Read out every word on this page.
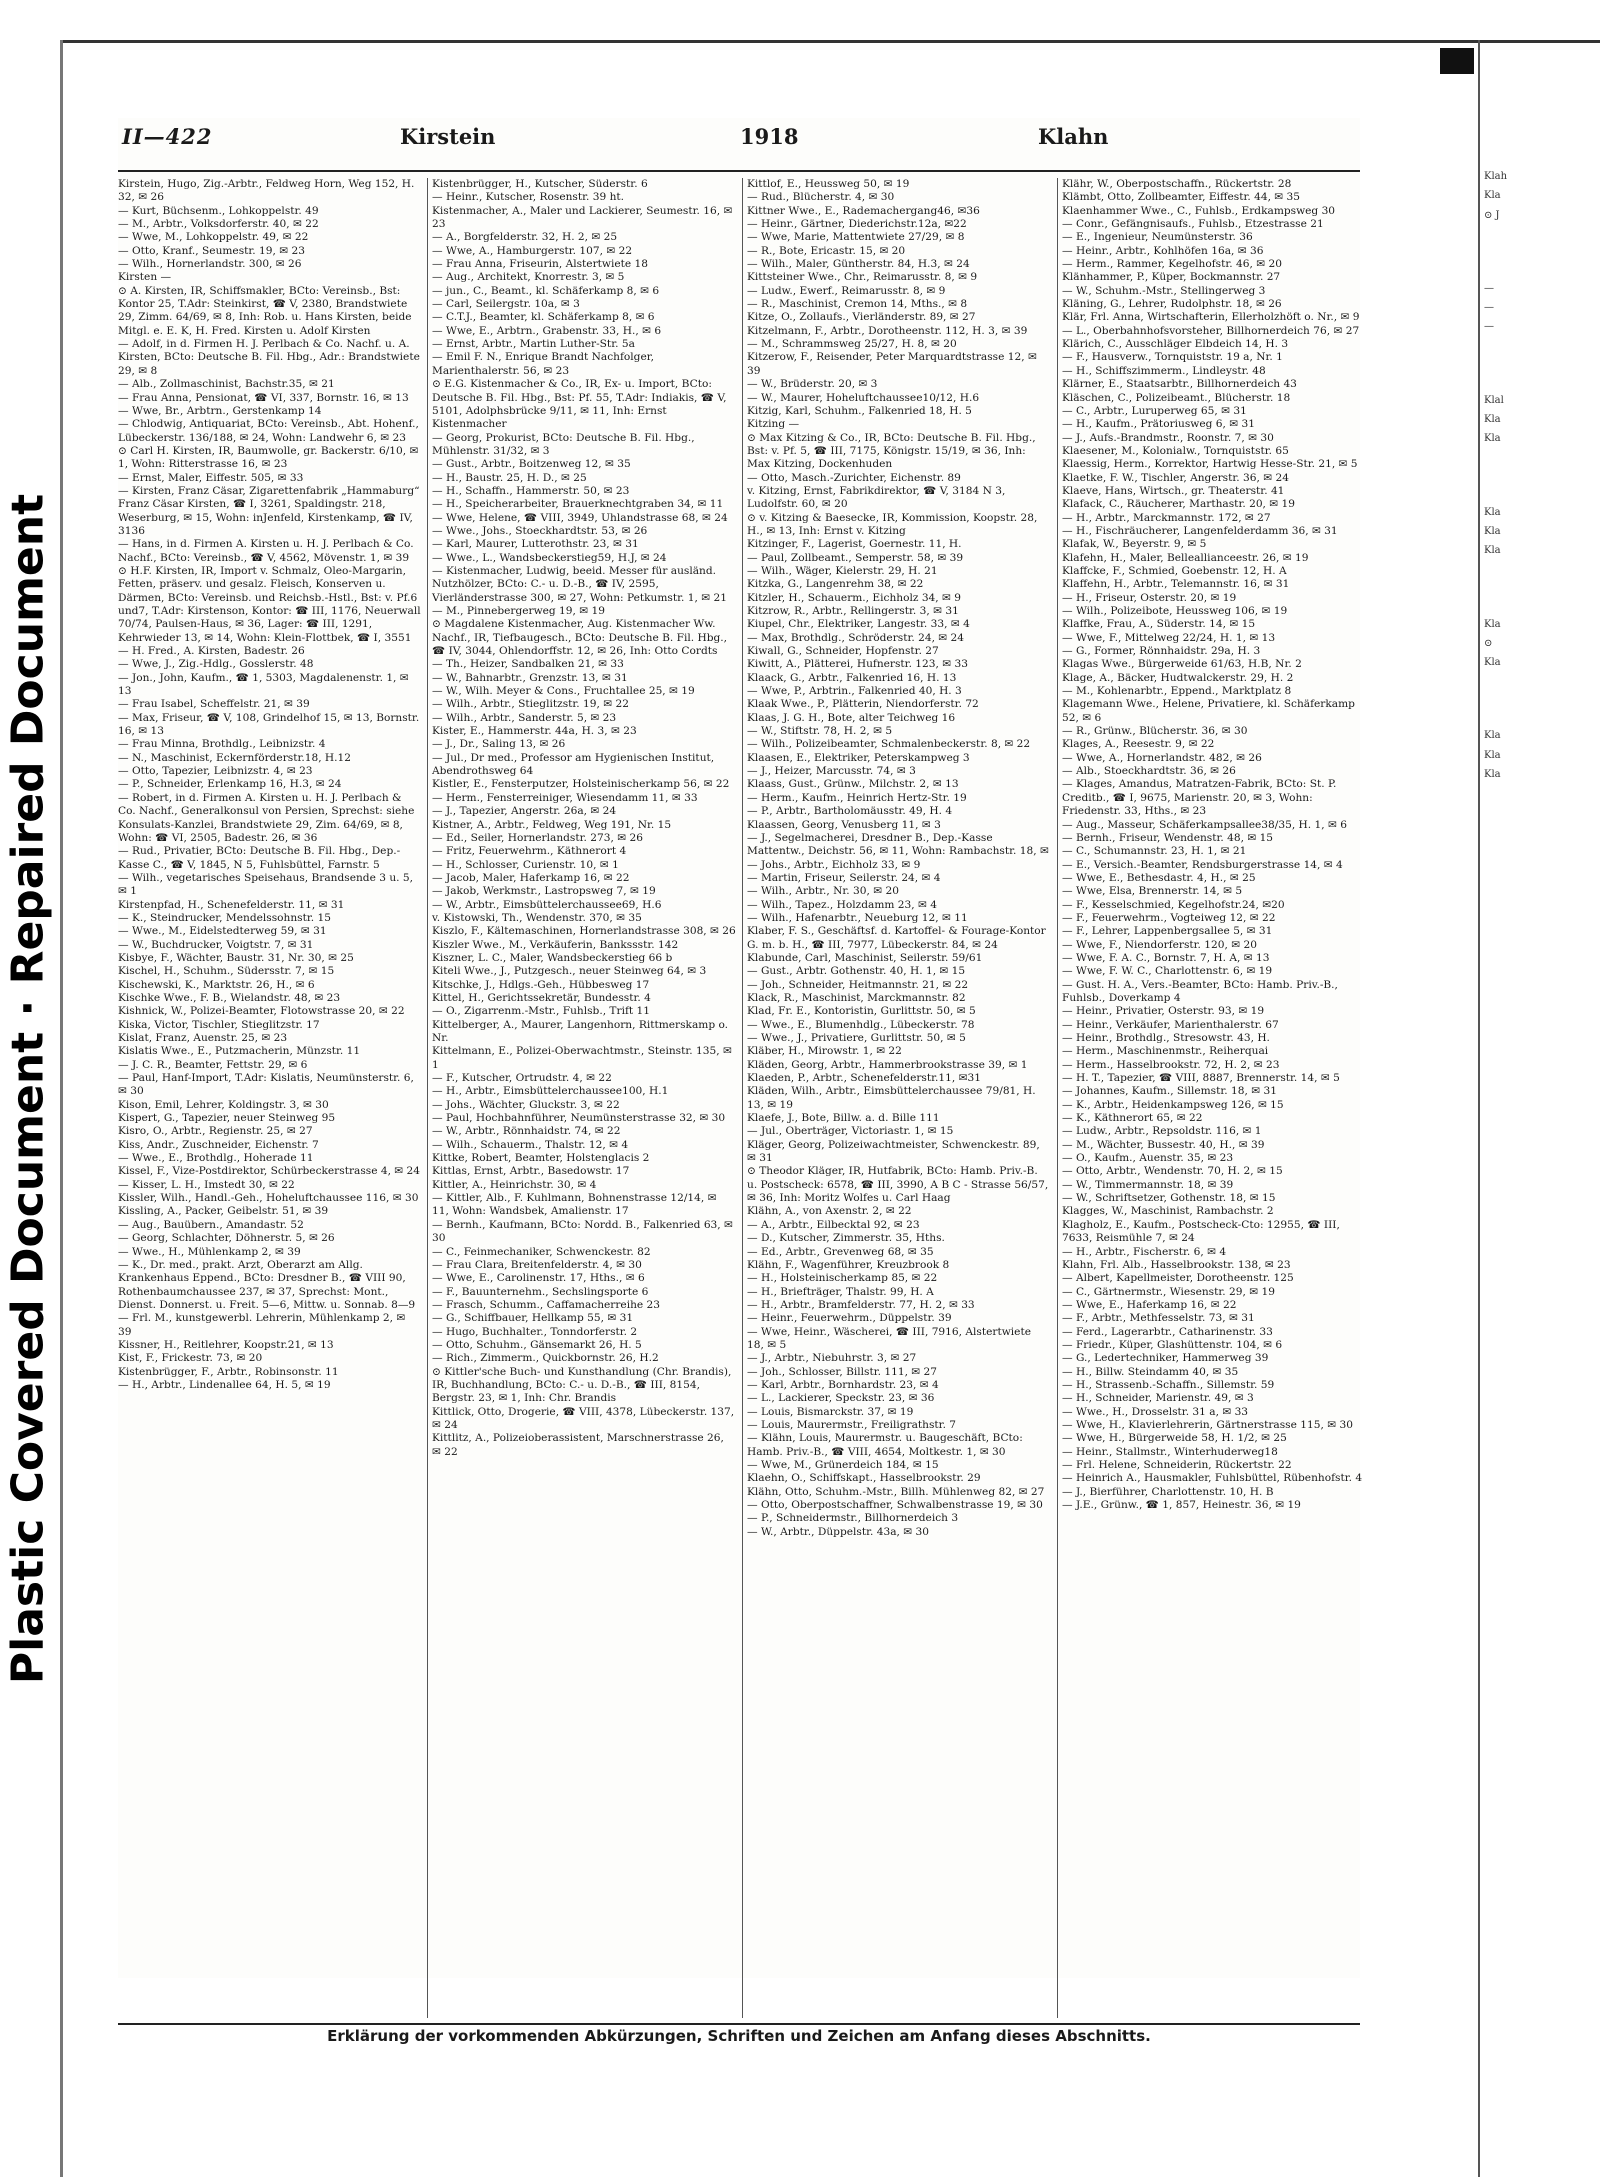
Plastic Covered Document · Repaired Document
II—422	Kirstein	1918	Klahn
Kirstein, Hugo, Zig.-Arbtr., Feldweg Horn, Weg 152, H. 32, ✉ 26
— Kurt, Büchsenm., Lohkoppelstr. 49
— M., Arbtr., Volksdorferstr. 40, ✉ 22
— Wwe, M., Lohkoppelstr. 49, ✉ 22
— Otto, Kranf., Seumestr. 19, ✉ 23
— Wilh., Hornerlandstr. 300, ✉ 26
Kirsten —
⊙ A. Kirsten, IR, Schiffsmakler, BCto: Vereinsb., Bst: Kontor 25, T.Adr: Steinkirst, ☎ V, 2380, Brandstwiete 29, Zimm. 64/69, ✉ 8, Inh: Rob. u. Hans Kirsten, beide Mitgl. e. E. K, H. Fred. Kirsten u. Adolf Kirsten
— Adolf, in d. Firmen H. J. Perlbach & Co. Nachf. u. A. Kirsten, BCto: Deutsche B. Fil. Hbg., Adr.: Brandstwiete 29, ✉ 8
— Alb., Zollmaschinist, Bachstr.35, ✉ 21
— Frau Anna, Pensionat, ☎ VI, 337, Bornstr. 16, ✉ 13
— Wwe, Br., Arbtrn., Gerstenkamp 14
— Chlodwig, Antiquariat, BCto: Vereinsb., Abt. Hohenf., Lübeckerstr. 136/188, ✉ 24, Wohn: Landwehr 6, ✉ 23
⊙ Carl H. Kirsten, IR, Baumwolle, gr. Backerstr. 6/10, ✉ 1, Wohn: Ritterstrasse 16, ✉ 23
— Ernst, Maler, Eiffestr. 505, ✉ 33
— Kirsten, Franz Cäsar, Zigarettenfabrik „Hammaburg“ Franz Cäsar Kirsten, ☎ I, 3261, Spaldingstr. 218, Weserburg, ✉ 15, Wohn: inJenfeld, Kirstenkamp, ☎ IV, 3136
— Hans, in d. Firmen A. Kirsten u. H. J. Perlbach & Co. Nachf., BCto: Vereinsb., ☎ V, 4562, Mövenstr. 1, ✉ 39
⊙ H.F. Kirsten, IR, Import v. Schmalz, Oleo-Margarin, Fetten, präserv. und gesalz. Fleisch, Konserven u. Därmen, BCto: Vereinsb. und Reichsb.-Hstl., Bst: v. Pf.6 und7, T.Adr: Kirstenson, Kontor: ☎ III, 1176, Neuerwall 70/74, Paulsen-Haus, ✉ 36, Lager: ☎ III, 1291, Kehrwieder 13, ✉ 14, Wohn: Klein-Flottbek, ☎ I, 3551
— H. Fred., A. Kirsten, Badestr. 26
— Wwe, J., Zig.-Hdlg., Gosslerstr. 48
— Jon., John, Kaufm., ☎ 1, 5303, Magdalenenstr. 1, ✉ 13
— Frau Isabel, Scheffelstr. 21, ✉ 39
— Max, Friseur, ☎ V, 108, Grindelhof 15, ✉ 13, Bornstr. 16, ✉ 13
— Frau Minna, Brothdlg., Leibnizstr. 4
— N., Maschinist, Eckernförderstr.18, H.12
— Otto, Tapezier, Leibnizstr. 4, ✉ 23
— P., Schneider, Erlenkamp 16, H.3, ✉ 24
— Robert, in d. Firmen A. Kirsten u. H. J. Perlbach & Co. Nachf., Generalkonsul von Persien, Sprechst: siehe Konsulats-Kanzlei, Brandstwiete 29, Zim. 64/69, ✉ 8, Wohn: ☎ VI, 2505, Badestr. 26, ✉ 36
— Rud., Privatier, BCto: Deutsche B. Fil. Hbg., Dep.-Kasse C., ☎ V, 1845, N 5, Fuhlsbüttel, Farnstr. 5
— Wilh., vegetarisches Speisehaus, Brandsende 3 u. 5, ✉ 1
Kirstenpfad, H., Schenefelderstr. 11, ✉ 31
— K., Steindrucker, Mendelssohnstr. 15
— Wwe., M., Eidelstedterweg 59, ✉ 31
— W., Buchdrucker, Voigtstr. 7, ✉ 31
Kisbye, F., Wächter, Baustr. 31, Nr. 30, ✉ 25
Kischel, H., Schuhm., Südersstr. 7, ✉ 15
Kischewski, K., Marktstr. 26, H., ✉ 6
Kischke Wwe., F. B., Wielandstr. 48, ✉ 23
Kishnick, W., Polizei-Beamter, Flotowstrasse 20, ✉ 22
Kiska, Victor, Tischler, Stieglitzstr. 17
Kislat, Franz, Auenstr. 25, ✉ 23
Kislatis Wwe., E., Putzmacherin, Münzstr. 11
— J. C. R., Beamter, Fettstr. 29, ✉ 6
— Paul, Hanf-Import, T.Adr: Kislatis, Neumünsterstr. 6, ✉ 30
Kison, Emil, Lehrer, Koldingstr. 3, ✉ 30
Kispert, G., Tapezier, neuer Steinweg 95
Kisro, O., Arbtr., Regienstr. 25, ✉ 27
Kiss, Andr., Zuschneider, Eichenstr. 7
— Wwe., E., Brothdlg., Hoherade 11
Kissel, F., Vize-Postdirektor, Schürbeckerstrasse 4, ✉ 24
— Kisser, L. H., Imstedt 30, ✉ 22
Kissler, Wilh., Handl.-Geh., Hoheluftchaussee 116, ✉ 30
Kissling, A., Packer, Geibelstr. 51, ✉ 39
— Aug., Bauübern., Amandastr. 52
— Georg, Schlachter, Döhnerstr. 5, ✉ 26
— Wwe., H., Mühlenkamp 2, ✉ 39
— K., Dr. med., prakt. Arzt, Oberarzt am Allg. Krankenhaus Eppend., BCto: Dresdner B., ☎ VIII 90, Rothenbaumchaussee 237, ✉ 37, Sprechst: Mont., Dienst. Donnerst. u. Freit. 5—6, Mittw. u. Sonnab. 8—9
— Frl. M., kunstgewerbl. Lehrerin, Mühlenkamp 2, ✉ 39
Kissner, H., Reitlehrer, Koopstr.21, ✉ 13
Kist, F., Frickestr. 73, ✉ 20
Kistenbrügger, F., Arbtr., Robinsonstr. 11
— H., Arbtr., Lindenallee 64, H. 5, ✉ 19
Kistenbrügger, H., Kutscher, Süderstr. 6
— Heinr., Kutscher, Rosenstr. 39 ht.
Kistenmacher, A., Maler und Lackierer, Seumestr. 16, ✉ 23
— A., Borgfelderstr. 32, H. 2, ✉ 25
— Wwe, A., Hamburgerstr. 107, ✉ 22
— Frau Anna, Friseurin, Alstertwiete 18
— Aug., Architekt, Knorrestr. 3, ✉ 5
— jun., C., Beamt., kl. Schäferkamp 8, ✉ 6
— Carl, Seilergstr. 10a, ✉ 3
— C.T.J., Beamter, kl. Schäferkamp 8, ✉ 6
— Wwe, E., Arbtrn., Grabenstr. 33, H., ✉ 6
— Ernst, Arbtr., Martin Luther-Str. 5a
— Emil F. N., Enrique Brandt Nachfolger, Marienthalerstr. 56, ✉ 23
⊙ E.G. Kistenmacher & Co., IR, Ex- u. Import, BCto: Deutsche B. Fil. Hbg., Bst: Pf. 55, T.Adr: Indiakis, ☎ V, 5101, Adolphsbrücke 9/11, ✉ 11, Inh: Ernst Kistenmacher
— Georg, Prokurist, BCto: Deutsche B. Fil. Hbg., Mühlenstr. 31/32, ✉ 3
— Gust., Arbtr., Boitzenweg 12, ✉ 35
— H., Baustr. 25, H. D., ✉ 25
— H., Schaffn., Hammerstr. 50, ✉ 23
— H., Speicherarbeiter, Brauerknechtgraben 34, ✉ 11
— Wwe, Helene, ☎ VIII, 3949, Uhlandstrasse 68, ✉ 24
— Wwe., Johs., Stoeckhardtstr. 53, ✉ 26
— Karl, Maurer, Lutterothstr. 23, ✉ 31
— Wwe., L., Wandsbeckerstieg59, H.J, ✉ 24
— Kistenmacher, Ludwig, beeid. Messer für ausländ. Nutzhölzer, BCto: C.- u. D.-B., ☎ IV, 2595, Vierländerstrasse 300, ✉ 27, Wohn: Petkumstr. 1, ✉ 21
— M., Pinnebergerweg 19, ✉ 19
⊙ Magdalene Kistenmacher, Aug. Kistenmacher Ww. Nachf., IR, Tiefbaugesch., BCto: Deutsche B. Fil. Hbg., ☎ IV, 3044, Ohlendorffstr. 12, ✉ 26, Inh: Otto Cordts
— Th., Heizer, Sandbalken 21, ✉ 33
— W., Bahnarbtr., Grenzstr. 13, ✉ 31
— W., Wilh. Meyer & Cons., Fruchtallee 25, ✉ 19
— Wilh., Arbtr., Stieglitzstr. 19, ✉ 22
— Wilh., Arbtr., Sanderstr. 5, ✉ 23
Kister, E., Hammerstr. 44a, H. 3, ✉ 23
— J., Dr., Saling 13, ✉ 26
— Jul., Dr med., Professor am Hygienischen Institut, Abendrothsweg 64
Kistler, E., Fensterputzer, Holsteinischerkamp 56, ✉ 22
— Herm., Fensterreiniger, Wiesendamm 11, ✉ 33
— J., Tapezier, Angerstr. 26a, ✉ 24
Kistner, A., Arbtr., Feldweg, Weg 191, Nr. 15
— Ed., Seiler, Hornerlandstr. 273, ✉ 26
— Fritz, Feuerwehrm., Käthnerort 4
— H., Schlosser, Curienstr. 10, ✉ 1
— Jacob, Maler, Haferkamp 16, ✉ 22
— Jakob, Werkmstr., Lastropsweg 7, ✉ 19
— W., Arbtr., Eimsbüttelerchaussee69, H.6
v. Kistowski, Th., Wendenstr. 370, ✉ 35
Kiszlo, F., Kältemaschinen, Hornerlandstrasse 308, ✉ 26
Kiszler Wwe., M., Verkäuferin, Bankssstr. 142
Kiszner, L. C., Maler, Wandsbeckerstieg 66 b
Kiteli Wwe., J., Putzgesch., neuer Steinweg 64, ✉ 3
Kitschke, J., Hdlgs.-Geh., Hübbesweg 17
Kittel, H., Gerichtssekretär, Bundesstr. 4
— O., Zigarrenm.-Mstr., Fuhlsb., Trift 11
Kittelberger, A., Maurer, Langenhorn, Rittmerskamp o. Nr.
Kittelmann, E., Polizei-Oberwachtmstr., Steinstr. 135, ✉ 1
— F., Kutscher, Ortrudstr. 4, ✉ 22
— H., Arbtr., Eimsbüttelerchaussee100, H.1
— Johs., Wächter, Gluckstr. 3, ✉ 22
— Paul, Hochbahnführer, Neumünsterstrasse 32, ✉ 30
— W., Arbtr., Rönnhaidstr. 74, ✉ 22
— Wilh., Schauerm., Thalstr. 12, ✉ 4
Kittke, Robert, Beamter, Holstenglacis 2
Kittlas, Ernst, Arbtr., Basedowstr. 17
Kittler, A., Heinrichstr. 30, ✉ 4
— Kittler, Alb., F. Kuhlmann, Bohnenstrasse 12/14, ✉ 11, Wohn: Wandsbek, Amalienstr. 17
— Bernh., Kaufmann, BCto: Nordd. B., Falkenried 63, ✉ 30
— C., Feinmechaniker, Schwenckestr. 82
— Frau Clara, Breitenfelderstr. 4, ✉ 30
— Wwe, E., Carolinenstr. 17, Hths., ✉ 6
— F., Bauunternehm., Sechslingsporte 6
— Frasch, Schumm., Caffamacherreihe 23
— G., Schiffbauer, Hellkamp 55, ✉ 31
— Hugo, Buchhalter., Tonndorferstr. 2
— Otto, Schuhm., Gänsemarkt 26, H. 5
— Rich., Zimmerm., Quickbornstr. 26, H.2
⊙ Kittler'sche Buch- und Kunsthandlung (Chr. Brandis), IR, Buchhandlung, BCto: C.- u. D.-B., ☎ III, 8154, Bergstr. 23, ✉ 1, Inh: Chr. Brandis
Kittlick, Otto, Drogerie, ☎ VIII, 4378, Lübeckerstr. 137, ✉ 24
Kittlitz, A., Polizeioberassistent, Marschnerstrasse 26, ✉ 22
Kittlof, E., Heussweg 50, ✉ 19
— Rud., Blücherstr. 4, ✉ 30
Kittner Wwe., E., Rademachergang46, ✉36
— Heinr., Gärtner, Diederichstr.12a, ✉22
— Wwe, Marie, Mattentwiete 27/29, ✉ 8
— R., Bote, Ericastr. 15, ✉ 20
— Wilh., Maler, Güntherstr. 84, H.3, ✉ 24
Kittsteiner Wwe., Chr., Reimarusstr. 8, ✉ 9
— Ludw., Ewerf., Reimarusstr. 8, ✉ 9
— R., Maschinist, Cremon 14, Mths., ✉ 8
Kitze, O., Zollaufs., Vierländerstr. 89, ✉ 27
Kitzelmann, F., Arbtr., Dorotheenstr. 112, H. 3, ✉ 39
— M., Schrammsweg 25/27, H. 8, ✉ 20
Kitzerow, F., Reisender, Peter Marquardtstrasse 12, ✉ 39
— W., Brüderstr. 20, ✉ 3
— W., Maurer, Hoheluftchaussee10/12, H.6
Kitzig, Karl, Schuhm., Falkenried 18, H. 5
Kitzing —
⊙ Max Kitzing & Co., IR, BCto: Deutsche B. Fil. Hbg., Bst: v. Pf. 5, ☎ III, 7175, Königstr. 15/19, ✉ 36, Inh: Max Kitzing, Dockenhuden
— Otto, Masch.-Zurichter, Eichenstr. 89
v. Kitzing, Ernst, Fabrikdirektor, ☎ V, 3184 N 3, Ludolfstr. 60, ✉ 20
⊙ v. Kitzing & Baesecke, IR, Kommission, Koopstr. 28, H., ✉ 13, Inh: Ernst v. Kitzing
Kitzinger, F., Lagerist, Goernestr. 11, H.
— Paul, Zollbeamt., Semperstr. 58, ✉ 39
— Wilh., Wäger, Kielerstr. 29, H. 21
Kitzka, G., Langenrehm 38, ✉ 22
Kitzler, H., Schauerm., Eichholz 34, ✉ 9
Kitzrow, R., Arbtr., Rellingerstr. 3, ✉ 31
Kiupel, Chr., Elektriker, Langestr. 33, ✉ 4
— Max, Brothdlg., Schröderstr. 24, ✉ 24
Kiwall, G., Schneider, Hopfenstr. 27
Kiwitt, A., Plätterei, Hufnerstr. 123, ✉ 33
Klaack, G., Arbtr., Falkenried 16, H. 13
— Wwe, P., Arbtrin., Falkenried 40, H. 3
Klaak Wwe., P., Plätterin, Niendorferstr. 72
Klaas, J. G. H., Bote, alter Teichweg 16
— W., Stiftstr. 78, H. 2, ✉ 5
— Wilh., Polizeibeamter, Schmalenbeckerstr. 8, ✉ 22
Klaasen, E., Elektriker, Peterskampweg 3
— J., Heizer, Marcusstr. 74, ✉ 3
Klaass, Gust., Grünw., Milchstr. 2, ✉ 13
— Herm., Kaufm., Heinrich Hertz-Str. 19
— P., Arbtr., Bartholomäusstr. 49, H. 4
Klaassen, Georg, Venusberg 11, ✉ 3
— J., Segelmacherei, Dresdner B., Dep.-Kasse Mattentw., Deichstr. 56, ✉ 11, Wohn: Rambachstr. 18, ✉
— Johs., Arbtr., Eichholz 33, ✉ 9
— Martin, Friseur, Seilerstr. 24, ✉ 4
— Wilh., Arbtr., Nr. 30, ✉ 20
— Wilh., Tapez., Holzdamm 23, ✉ 4
— Wilh., Hafenarbtr., Neueburg 12, ✉ 11
Klaber, F. S., Geschäftsf. d. Kartoffel- & Fourage-Kontor G. m. b. H., ☎ III, 7977, Lübeckerstr. 84, ✉ 24
Klabunde, Carl, Maschinist, Seilerstr. 59/61
— Gust., Arbtr. Gothenstr. 40, H. 1, ✉ 15
— Joh., Schneider, Heitmannstr. 21, ✉ 22
Klack, R., Maschinist, Marckmannstr. 82
Klad, Fr. E., Kontoristin, Gurlittstr. 50, ✉ 5
— Wwe., E., Blumenhdlg., Lübeckerstr. 78
— Wwe., J., Privatiere, Gurlittstr. 50, ✉ 5
Kläber, H., Mirowstr. 1, ✉ 22
Kläden, Georg, Arbtr., Hammerbrookstrasse 39, ✉ 1
Klaeden, P., Arbtr., Schenefelderstr.11, ✉31
Kläden, Wilh., Arbtr., Eimsbüttelerchaussee 79/81, H. 13, ✉ 19
Klaefe, J., Bote, Billw. a. d. Bille 111
— Jul., Oberträger, Victoriastr. 1, ✉ 15
Kläger, Georg, Polizeiwachtmeister, Schwenckestr. 89, ✉ 31
⊙ Theodor Kläger, IR, Hutfabrik, BCto: Hamb. Priv.-B. u. Postscheck: 6578, ☎ III, 3990, A B C - Strasse 56/57, ✉ 36, Inh: Moritz Wolfes u. Carl Haag
Klähn, A., von Axenstr. 2, ✉ 22
— A., Arbtr., Eilbecktal 92, ✉ 23
— D., Kutscher, Zimmerstr. 35, Hths.
— Ed., Arbtr., Grevenweg 68, ✉ 35
Klähn, F., Wagenführer, Kreuzbrook 8
— H., Holsteinischerkamp 85, ✉ 22
— H., Briefträger, Thalstr. 99, H. A
— H., Arbtr., Bramfelderstr. 77, H. 2, ✉ 33
— Heinr., Feuerwehrm., Düppelstr. 39
— Wwe, Heinr., Wäscherei, ☎ III, 7916, Alstertwiete 18, ✉ 5
— J., Arbtr., Niebuhrstr. 3, ✉ 27
— Joh., Schlosser, Billstr. 111, ✉ 27
— Karl, Arbtr., Bornhardstr. 23, ✉ 4
— L., Lackierer, Speckstr. 23, ✉ 36
— Louis, Bismarckstr. 37, ✉ 19
— Louis, Maurermstr., Freiligrathstr. 7
— Klähn, Louis, Maurermstr. u. Baugeschäft, BCto: Hamb. Priv.-B., ☎ VIII, 4654, Moltkestr. 1, ✉ 30
— Wwe, M., Grünerdeich 184, ✉ 15
Klaehn, O., Schiffskapt., Hasselbrookstr. 29
Klähn, Otto, Schuhm.-Mstr., Billh. Mühlenweg 82, ✉ 27
— Otto, Oberpostschaffner, Schwalbenstrasse 19, ✉ 30
— P., Schneidermstr., Billhornerdeich 3
— W., Arbtr., Düppelstr. 43a, ✉ 30
Klähr, W., Oberpostschaffn., Rückertstr. 28
Klämbt, Otto, Zollbeamter, Eiffestr. 44, ✉ 35
Klaenhammer Wwe., C., Fuhlsb., Erdkampsweg 30
— Conr., Gefängnisaufs., Fuhlsb., Etzestrasse 21
— E., Ingenieur, Neumünsterstr. 36
— Heinr., Arbtr., Kohlhöfen 16a, ✉ 36
— Herm., Rammer, Kegelhofstr. 46, ✉ 20
Klänhammer, P., Küper, Bockmannstr. 27
— W., Schuhm.-Mstr., Stellingerweg 3
Kläning, G., Lehrer, Rudolphstr. 18, ✉ 26
Klär, Frl. Anna, Wirtschafterin, Ellerholzhöft o. Nr., ✉ 9
— L., Oberbahnhofsvorsteher, Billhornerdeich 76, ✉ 27
Klärich, C., Ausschläger Elbdeich 14, H. 3
— F., Hausverw., Tornquiststr. 19 a, Nr. 1
— H., Schiffszimmerm., Lindleystr. 48
Klärner, E., Staatsarbtr., Billhornerdeich 43
Kläschen, C., Polizeibeamt., Blücherstr. 18
— C., Arbtr., Luruperweg 65, ✉ 31
— H., Kaufm., Prätoriusweg 6, ✉ 31
— J., Aufs.-Brandmstr., Roonstr. 7, ✉ 30
Klaesener, M., Kolonialw., Tornquiststr. 65
Klaessig, Herm., Korrektor, Hartwig Hesse-Str. 21, ✉ 5
Klaetke, F. W., Tischler, Angerstr. 36, ✉ 24
Klaeve, Hans, Wirtsch., gr. Theaterstr. 41
Klafack, C., Räucherer, Marthastr. 20, ✉ 19
— H., Arbtr., Marckmannstr. 172, ✉ 27
— H., Fischräucherer, Langenfelderdamm 36, ✉ 31
Klafak, W., Beyerstr. 9, ✉ 5
Klafehn, H., Maler, Belleallianceestr. 26, ✉ 19
Klaffcke, F., Schmied, Goebenstr. 12, H. A
Klaffehn, H., Arbtr., Telemannstr. 16, ✉ 31
— H., Friseur, Osterstr. 20, ✉ 19
— Wilh., Polizeibote, Heussweg 106, ✉ 19
Klaffke, Frau, A., Süderstr. 14, ✉ 15
— Wwe, F., Mittelweg 22/24, H. 1, ✉ 13
— G., Former, Rönnhaidstr. 29a, H. 3
Klagas Wwe., Bürgerweide 61/63, H.B, Nr. 2
Klage, A., Bäcker, Hudtwalckerstr. 29, H. 2
— M., Kohlenarbtr., Eppend., Marktplatz 8
Klagemann Wwe., Helene, Privatiere, kl. Schäferkamp 52, ✉ 6
— R., Grünw., Blücherstr. 36, ✉ 30
Klages, A., Reesestr. 9, ✉ 22
— Wwe, A., Hornerlandstr. 482, ✉ 26
— Alb., Stoeckhardtstr. 36, ✉ 26
— Klages, Amandus, Matratzen-Fabrik, BCto: St. P. Creditb., ☎ I, 9675, Marienstr. 20, ✉ 3, Wohn: Friedenstr. 33, Hths., ✉ 23
— Aug., Masseur, Schäferkampsallee38/35, H. 1, ✉ 6
— Bernh., Friseur, Wendenstr. 48, ✉ 15
— C., Schumannstr. 23, H. 1, ✉ 21
— E., Versich.-Beamter, Rendsburgerstrasse 14, ✉ 4
— Wwe, E., Bethesdastr. 4, H., ✉ 25
— Wwe, Elsa, Brennerstr. 14, ✉ 5
— F., Kesselschmied, Kegelhofstr.24, ✉20
— F., Feuerwehrm., Vogteiweg 12, ✉ 22
— F., Lehrer, Lappenbergsallee 5, ✉ 31
— Wwe, F., Niendorferstr. 120, ✉ 20
— Wwe, F. A. C., Bornstr. 7, H. A, ✉ 13
— Wwe, F. W. C., Charlottenstr. 6, ✉ 19
— Gust. H. A., Vers.-Beamter, BCto: Hamb. Priv.-B., Fuhlsb., Doverkamp 4
— Heinr., Privatier, Osterstr. 93, ✉ 19
— Heinr., Verkäufer, Marienthalerstr. 67
— Heinr., Brothdlg., Stresowstr. 43, H.
— Herm., Maschinenmstr., Reiherquai
— Herm., Hasselbrookstr. 72, H. 2, ✉ 23
— H. T., Tapezier, ☎ VIII, 8887, Brennerstr. 14, ✉ 5
— Johannes, Kaufm., Sillemstr. 18, ✉ 31
— K., Arbtr., Heidenkampsweg 126, ✉ 15
— K., Käthnerort 65, ✉ 22
— Ludw., Arbtr., Repsoldstr. 116, ✉ 1
— M., Wächter, Bussestr. 40, H., ✉ 39
— O., Kaufm., Auenstr. 35, ✉ 23
— Otto, Arbtr., Wendenstr. 70, H. 2, ✉ 15
— W., Timmermannstr. 18, ✉ 39
— W., Schriftsetzer, Gothenstr. 18, ✉ 15
Klagges, W., Maschinist, Rambachstr. 2
Klagholz, E., Kaufm., Postscheck-Cto: 12955, ☎ III, 7633, Reismühle 7, ✉ 24
— H., Arbtr., Fischerstr. 6, ✉ 4
Klahn, Frl. Alb., Hasselbrookstr. 138, ✉ 23
— Albert, Kapellmeister, Dorotheenstr. 125
— C., Gärtnermstr., Wiesenstr. 29, ✉ 19
— Wwe, E., Haferkamp 16, ✉ 22
— F., Arbtr., Methfesselstr. 73, ✉ 31
— Ferd., Lagerarbtr., Catharinenstr. 33
— Friedr., Küper, Glashüttenstr. 104, ✉ 6
— G., Ledertechniker, Hammerweg 39
— H., Billw. Steindamm 40, ✉ 35
— H., Strassenb.-Schaffn., Sillemstr. 59
— H., Schneider, Marienstr. 49, ✉ 3
— Wwe., H., Drosselstr. 31 a, ✉ 33
— Wwe, H., Klavierlehrerin, Gärtnerstrasse 115, ✉ 30
— Wwe, H., Bürgerweide 58, H. 1/2, ✉ 25
— Heinr., Stallmstr., Winterhuderweg18
— Frl. Helene, Schneiderin, Rückertstr. 22
— Heinrich A., Hausmakler, Fuhlsbüttel, Rübenhofstr. 4
— J., Bierführer, Charlottenstr. 10, H. B
— J.E., Grünw., ☎ 1, 857, Heinestr. 36, ✉ 19
Erklärung der vorkommenden Abkürzungen, Schriften und Zeichen am Anfang dieses Abschnitts.
Klah
Kla
⊙ J
—
—
—
Klal
Kla
Kla
Kla
Kla
Kla
Kla
⊙
Kla
Kla
Kla
Kla
